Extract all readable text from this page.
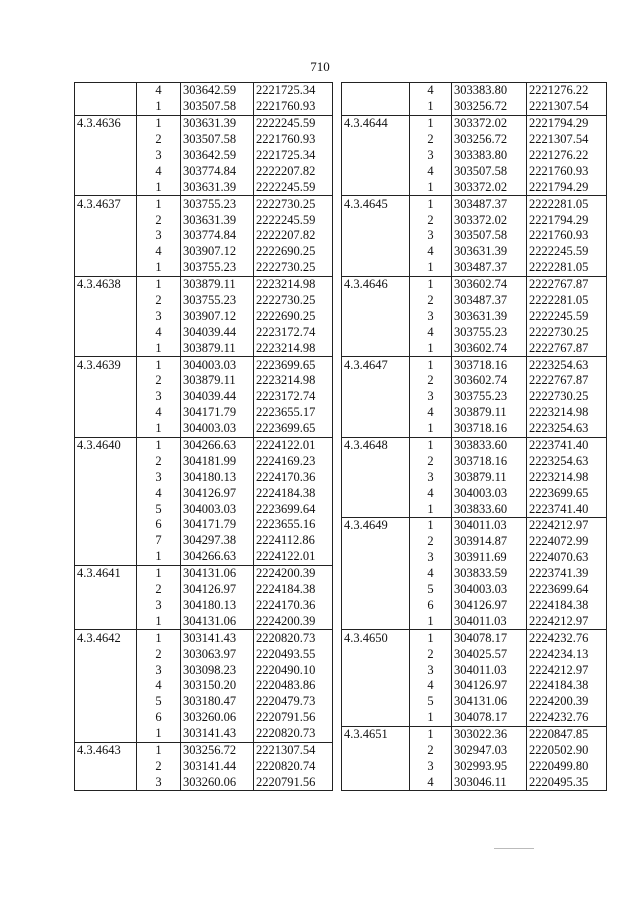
710
	4	303642.59	2221725.34
	1	303507.58	2221760.93
4.3.4636	1	303631.39	2222245.59
	2	303507.58	2221760.93
	3	303642.59	2221725.34
	4	303774.84	2222207.82
	1	303631.39	2222245.59
4.3.4637	1	303755.23	2222730.25
	2	303631.39	2222245.59
	3	303774.84	2222207.82
	4	303907.12	2222690.25
	1	303755.23	2222730.25
4.3.4638	1	303879.11	2223214.98
	2	303755.23	2222730.25
	3	303907.12	2222690.25
	4	304039.44	2223172.74
	1	303879.11	2223214.98
4.3.4639	1	304003.03	2223699.65
	2	303879.11	2223214.98
	3	304039.44	2223172.74
	4	304171.79	2223655.17
	1	304003.03	2223699.65
4.3.4640	1	304266.63	2224122.01
	2	304181.99	2224169.23
	3	304180.13	2224170.36
	4	304126.97	2224184.38
	5	304003.03	2223699.64
	6	304171.79	2223655.16
	7	304297.38	2224112.86
	1	304266.63	2224122.01
4.3.4641	1	304131.06	2224200.39
	2	304126.97	2224184.38
	3	304180.13	2224170.36
	1	304131.06	2224200.39
4.3.4642	1	303141.43	2220820.73
	2	303063.97	2220493.55
	3	303098.23	2220490.10
	4	303150.20	2220483.86
	5	303180.47	2220479.73
	6	303260.06	2220791.56
	1	303141.43	2220820.73
4.3.4643	1	303256.72	2221307.54
	2	303141.44	2220820.74
	3	303260.06	2220791.56
	4	303383.80	2221276.22
	1	303256.72	2221307.54
4.3.4644	1	303372.02	2221794.29
	2	303256.72	2221307.54
	3	303383.80	2221276.22
	4	303507.58	2221760.93
	1	303372.02	2221794.29
4.3.4645	1	303487.37	2222281.05
	2	303372.02	2221794.29
	3	303507.58	2221760.93
	4	303631.39	2222245.59
	1	303487.37	2222281.05
4.3.4646	1	303602.74	2222767.87
	2	303487.37	2222281.05
	3	303631.39	2222245.59
	4	303755.23	2222730.25
	1	303602.74	2222767.87
4.3.4647	1	303718.16	2223254.63
	2	303602.74	2222767.87
	3	303755.23	2222730.25
	4	303879.11	2223214.98
	1	303718.16	2223254.63
4.3.4648	1	303833.60	2223741.40
	2	303718.16	2223254.63
	3	303879.11	2223214.98
	4	304003.03	2223699.65
	1	303833.60	2223741.40
4.3.4649	1	304011.03	2224212.97
	2	303914.87	2224072.99
	3	303911.69	2224070.63
	4	303833.59	2223741.39
	5	304003.03	2223699.64
	6	304126.97	2224184.38
	1	304011.03	2224212.97
4.3.4650	1	304078.17	2224232.76
	2	304025.57	2224234.13
	3	304011.03	2224212.97
	4	304126.97	2224184.38
	5	304131.06	2224200.39
	1	304078.17	2224232.76
4.3.4651	1	303022.36	2220847.85
	2	302947.03	2220502.90
	3	302993.95	2220499.80
	4	303046.11	2220495.35
